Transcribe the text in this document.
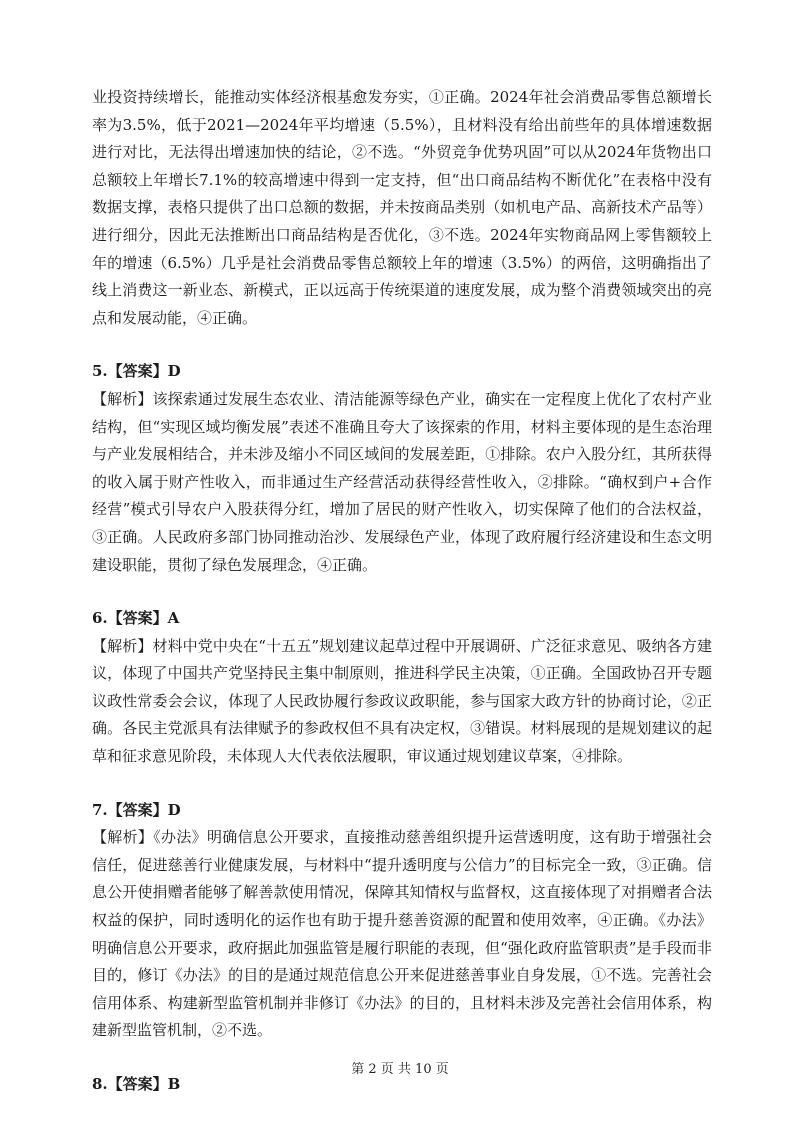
业投资持续增长，能推动实体经济根基愈发夯实，①正确。2024年社会消费品零售总额增长率为3.5%，低于2021—2024年平均增速（5.5%），且材料没有给出前些年的具体增速数据进行对比，无法得出增速加快的结论，②不选。“外贸竞争优势巩固”可以从2024年货物出口总额较上年增长7.1%的较高增速中得到一定支持，但“出口商品结构不断优化”在表格中没有数据支撑，表格只提供了出口总额的数据，并未按商品类别（如机电产品、高新技术产品等）进行细分，因此无法推断出口商品结构是否优化，③不选。2024年实物商品网上零售额较上年的增速（6.5%）几乎是社会消费品零售总额较上年的增速（3.5%）的两倍，这明确指出了线上消费这一新业态、新模式，正以远高于传统渠道的速度发展，成为整个消费领域突出的亮点和发展动能，④正确。

5.【答案】D

【解析】该探索通过发展生态农业、清洁能源等绿色产业，确实在一定程度上优化了农村产业结构，但“实现区域均衡发展”表述不准确且夸大了该探索的作用，材料主要体现的是生态治理与产业发展相结合，并未涉及缩小不同区域间的发展差距，①排除。农户入股分红，其所获得的收入属于财产性收入，而非通过生产经营活动获得经营性收入，②排除。“确权到户+合作经营”模式引导农户入股获得分红，增加了居民的财产性收入，切实保障了他们的合法权益，③正确。人民政府多部门协同推动治沙、发展绿色产业，体现了政府履行经济建设和生态文明建设职能，贯彻了绿色发展理念，④正确。

6.【答案】A

【解析】材料中党中央在“十五五”规划建议起草过程中开展调研、广泛征求意见、吸纳各方建议，体现了中国共产党坚持民主集中制原则，推进科学民主决策，①正确。全国政协召开专题议政性常委会会议，体现了人民政协履行参政议政职能，参与国家大政方针的协商讨论，②正确。各民主党派具有法律赋予的参政权但不具有决定权，③错误。材料展现的是规划建议的起草和征求意见阶段，未体现人大代表依法履职，审议通过规划建议草案，④排除。

7.【答案】D

【解析】《办法》明确信息公开要求，直接推动慈善组织提升运营透明度，这有助于增强社会信任，促进慈善行业健康发展，与材料中“提升透明度与公信力”的目标完全一致，③正确。信息公开使捐赠者能够了解善款使用情况，保障其知情权与监督权，这直接体现了对捐赠者合法权益的保护，同时透明化的运作也有助于提升慈善资源的配置和使用效率，④正确。《办法》明确信息公开要求，政府据此加强监管是履行职能的表现，但“强化政府监管职责”是手段而非目的，修订《办法》的目的是通过规范信息公开来促进慈善事业自身发展，①不选。完善社会信用体系、构建新型监管机制并非修订《办法》的目的，且材料未涉及完善社会信用体系，构建新型监管机制，②不选。

8.【答案】B

第 2 页 共 10 页
